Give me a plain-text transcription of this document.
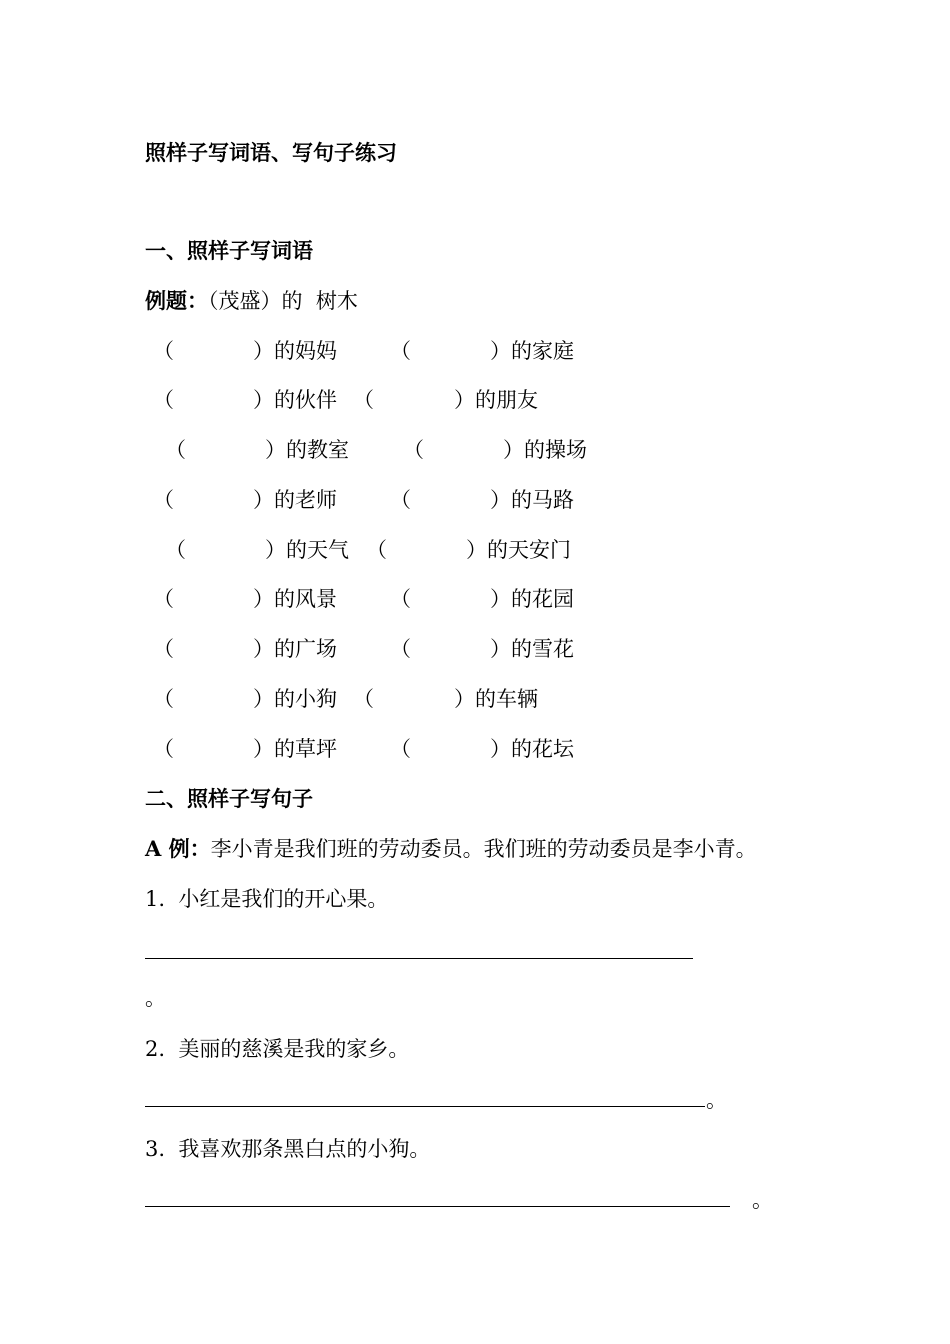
照样子写词语、写句子练习
一、照样子写词语
例题：（茂盛）的  树木
（	）的妈妈	（	）的家庭
（	）的伙伴 （	）的朋友
（	）的教室	（	）的操场
（	）的老师	（	）的马路
（	）的天气 （	）的天安门
（	）的风景	（	）的花园
（	）的广场	（	）的雪花
（	）的小狗 （	）的车辆
（	）的草坪	（	）的花坛
二、照样子写句子
A 例：李小青是我们班的劳动委员。我们班的劳动委员是李小青。
1. 小红是我们的开心果。
。
2. 美丽的慈溪是我的家乡。
。
3. 我喜欢那条黑白点的小狗。
。
